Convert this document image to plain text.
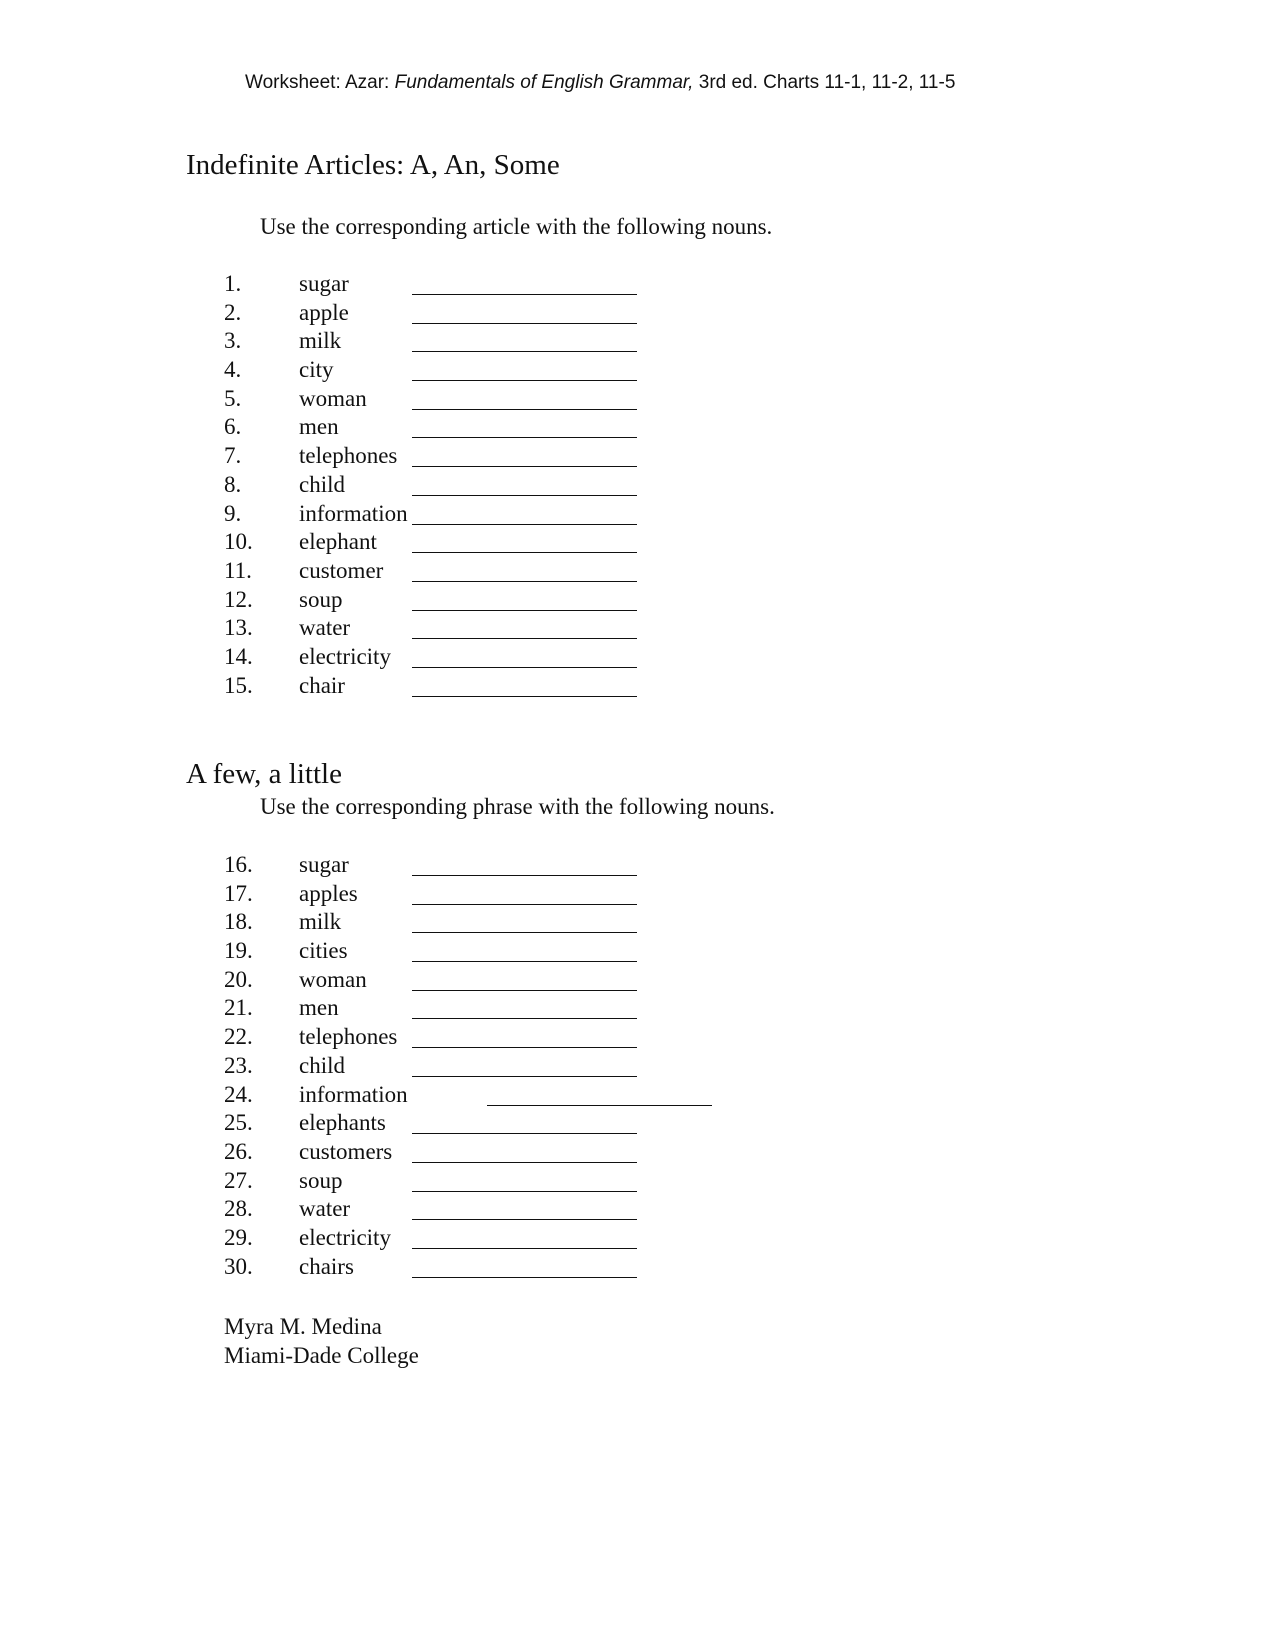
Worksheet: Azar: Fundamentals of English Grammar, 3rd ed. Charts 11-1, 11-2, 11-5
Indefinite Articles: A, An, Some
Use the corresponding article with the following nouns.
1.	sugar
2.	apple
3.	milk
4.	city
5.	woman
6.	men
7.	telephones
8.	child
9.	information
10. elephant
11. customer
12. soup
13. water
14. electricity
15. chair
A few, a little
Use the corresponding phrase with the following nouns.
16. sugar
17. apples
18. milk
19. cities
20. woman
21. men
22. telephones
23. child
24. information
25. elephants
26. customers
27. soup
28. water
29. electricity
30. chairs
Myra M. Medina
Miami-Dade College
